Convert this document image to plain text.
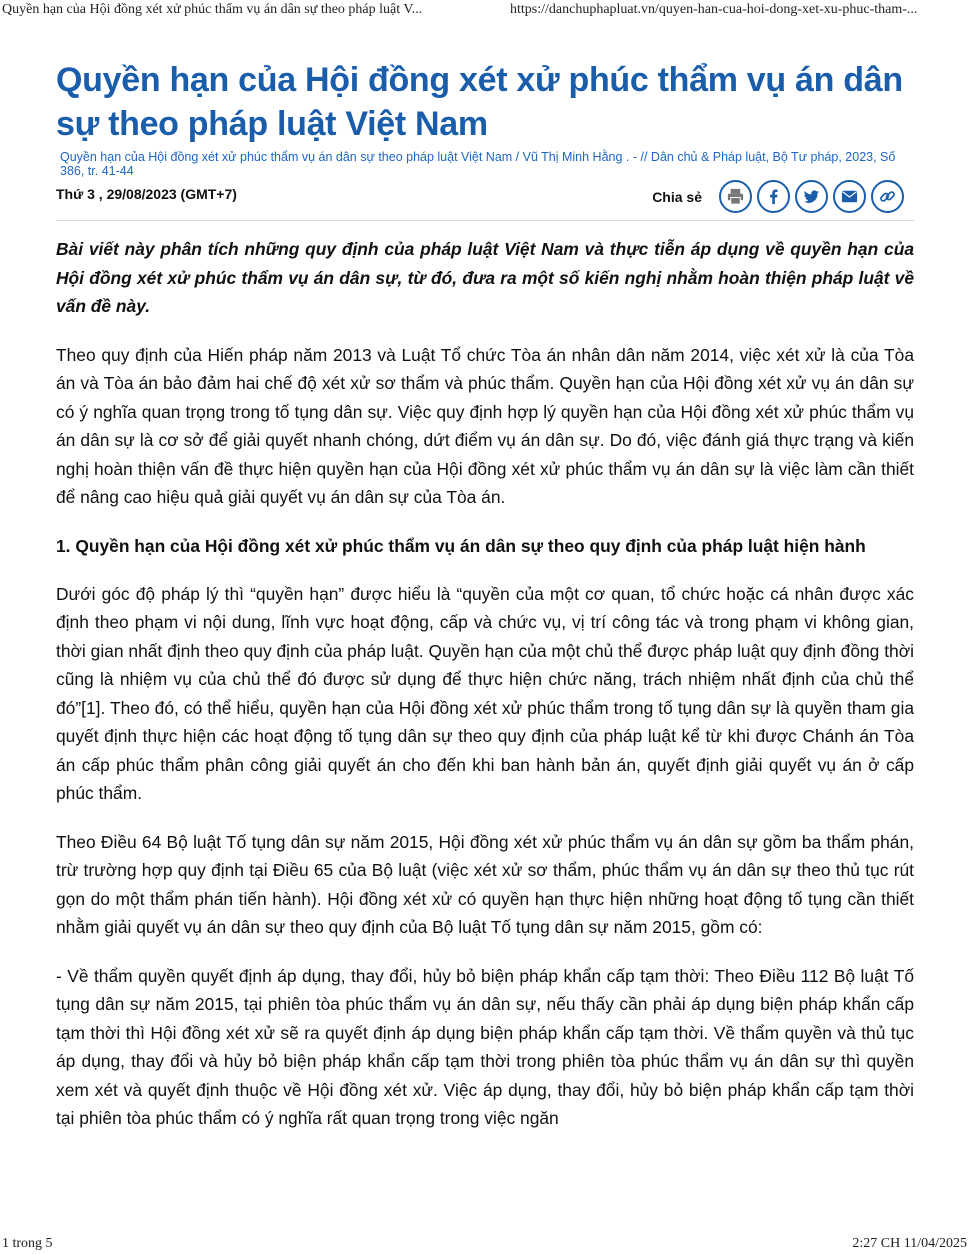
Quyền hạn của Hội đồng xét xử phúc thẩm vụ án dân sự theo pháp luật V...	https://danchuphapluat.vn/quyen-han-cua-hoi-dong-xet-xu-phuc-tham-...
Quyền hạn của Hội đồng xét xử phúc thẩm vụ án dân sự theo pháp luật Việt Nam
Quyền hạn của Hội đồng xét xử phúc thẩm vụ án dân sự theo pháp luật Việt Nam / Vũ Thị Minh Hằng . - // Dân chủ & Pháp luật, Bộ Tư pháp, 2023, Số 386, tr. 41-44
Thứ 3 , 29/08/2023 (GMT+7)	Chia sẻ

Bài viết này phân tích những quy định của pháp luật Việt Nam và thực tiễn áp dụng về quyền hạn của Hội đồng xét xử phúc thẩm vụ án dân sự, từ đó, đưa ra một số kiến nghị nhằm hoàn thiện pháp luật về vấn đề này.

Theo quy định của Hiến pháp năm 2013 và Luật Tổ chức Tòa án nhân dân năm 2014, việc xét xử là của Tòa án và Tòa án bảo đảm hai chế độ xét xử sơ thẩm và phúc thẩm. Quyền hạn của Hội đồng xét xử vụ án dân sự có ý nghĩa quan trọng trong tố tụng dân sự. Việc quy định hợp lý quyền hạn của Hội đồng xét xử phúc thẩm vụ án dân sự là cơ sở để giải quyết nhanh chóng, dứt điểm vụ án dân sự. Do đó, việc đánh giá thực trạng và kiến nghị hoàn thiện vấn đề thực hiện quyền hạn của Hội đồng xét xử phúc thẩm vụ án dân sự là việc làm cần thiết để nâng cao hiệu quả giải quyết vụ án dân sự của Tòa án.

1. Quyền hạn của Hội đồng xét xử phúc thẩm vụ án dân sự theo quy định của pháp luật hiện hành

Dưới góc độ pháp lý thì “quyền hạn” được hiểu là “quyền của một cơ quan, tổ chức hoặc cá nhân được xác định theo phạm vi nội dung, lĩnh vực hoạt động, cấp và chức vụ, vị trí công tác và trong phạm vi không gian, thời gian nhất định theo quy định của pháp luật. Quyền hạn của một chủ thể được pháp luật quy định đồng thời cũng là nhiệm vụ của chủ thể đó được sử dụng để thực hiện chức năng, trách nhiệm nhất định của chủ thể đó”[1]. Theo đó, có thể hiểu, quyền hạn của Hội đồng xét xử phúc thẩm trong tố tụng dân sự là quyền tham gia quyết định thực hiện các hoạt động tố tụng dân sự theo quy định của pháp luật kể từ khi được Chánh án Tòa án cấp phúc thẩm phân công giải quyết án cho đến khi ban hành bản án, quyết định giải quyết vụ án ở cấp phúc thẩm.

Theo Điều 64 Bộ luật Tố tụng dân sự năm 2015, Hội đồng xét xử phúc thẩm vụ án dân sự gồm ba thẩm phán, trừ trường hợp quy định tại Điều 65 của Bộ luật (việc xét xử sơ thẩm, phúc thẩm vụ án dân sự theo thủ tục rút gọn do một thẩm phán tiến hành). Hội đồng xét xử có quyền hạn thực hiện những hoạt động tố tụng cần thiết nhằm giải quyết vụ án dân sự theo quy định của Bộ luật Tố tụng dân sự năm 2015, gồm có:

- Về thẩm quyền quyết định áp dụng, thay đổi, hủy bỏ biện pháp khẩn cấp tạm thời: Theo Điều 112 Bộ luật Tố tụng dân sự năm 2015, tại phiên tòa phúc thẩm vụ án dân sự, nếu thấy cần phải áp dụng biện pháp khẩn cấp tạm thời thì Hội đồng xét xử sẽ ra quyết định áp dụng biện pháp khẩn cấp tạm thời. Về thẩm quyền và thủ tục áp dụng, thay đổi và hủy bỏ biện pháp khẩn cấp tạm thời trong phiên tòa phúc thẩm vụ án dân sự thì quyền xem xét và quyết định thuộc về Hội đồng xét xử. Việc áp dụng, thay đổi, hủy bỏ biện pháp khẩn cấp tạm thời tại phiên tòa phúc thẩm có ý nghĩa rất quan trọng trong việc ngăn

1 trong 5	2:27 CH 11/04/2025
